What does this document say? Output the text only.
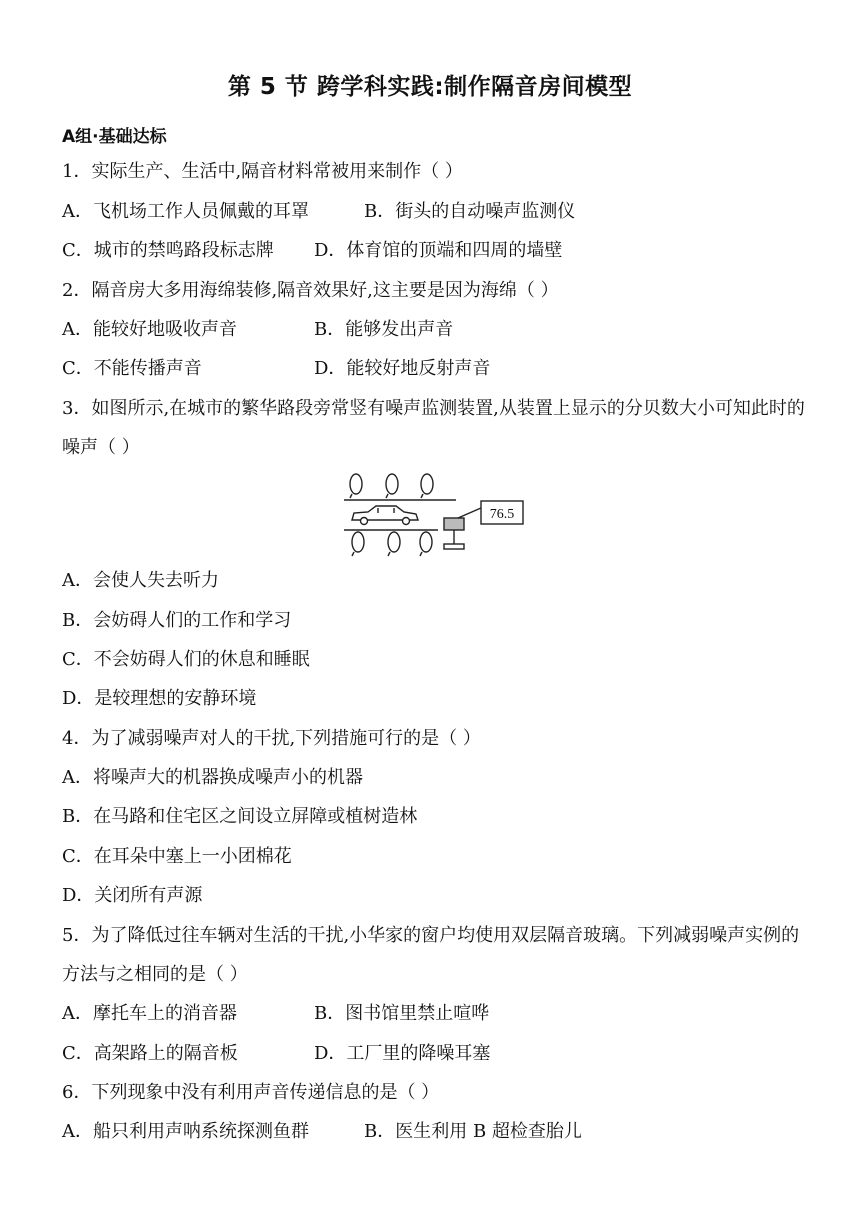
第 5 节 跨学科实践:制作隔音房间模型
A组·基础达标
1．实际生产、生活中,隔音材料常被用来制作（ ）
A．飞机场工作人员佩戴的耳罩	B．街头的自动噪声监测仪
C．城市的禁鸣路段标志牌 D．体育馆的顶端和四周的墙壁
2．隔音房大多用海绵装修,隔音效果好,这主要是因为海绵（ ）
A．能较好地吸收声音	B．能够发出声音
C．不能传播声音	D．能较好地反射声音
3．如图所示,在城市的繁华路段旁常竖有噪声监测装置,从装置上显示的分贝数大小可知此时的噪声（ ）
76.5
A．会使人失去听力
B．会妨碍人们的工作和学习
C．不会妨碍人们的休息和睡眠
D．是较理想的安静环境
4．为了减弱噪声对人的干扰,下列措施可行的是（ ）
A．将噪声大的机器换成噪声小的机器
B．在马路和住宅区之间设立屏障或植树造林
C．在耳朵中塞上一小团棉花
D．关闭所有声源
5．为了降低过往车辆对生活的干扰,小华家的窗户均使用双层隔音玻璃。下列减弱噪声实例的方法与之相同的是（ ）
A．摩托车上的消音器	B．图书馆里禁止喧哗
C．高架路上的隔音板	D．工厂里的降噪耳塞
6．下列现象中没有利用声音传递信息的是（ ）
A．船只利用声呐系统探测鱼群	B．医生利用 B 超检查胎儿
